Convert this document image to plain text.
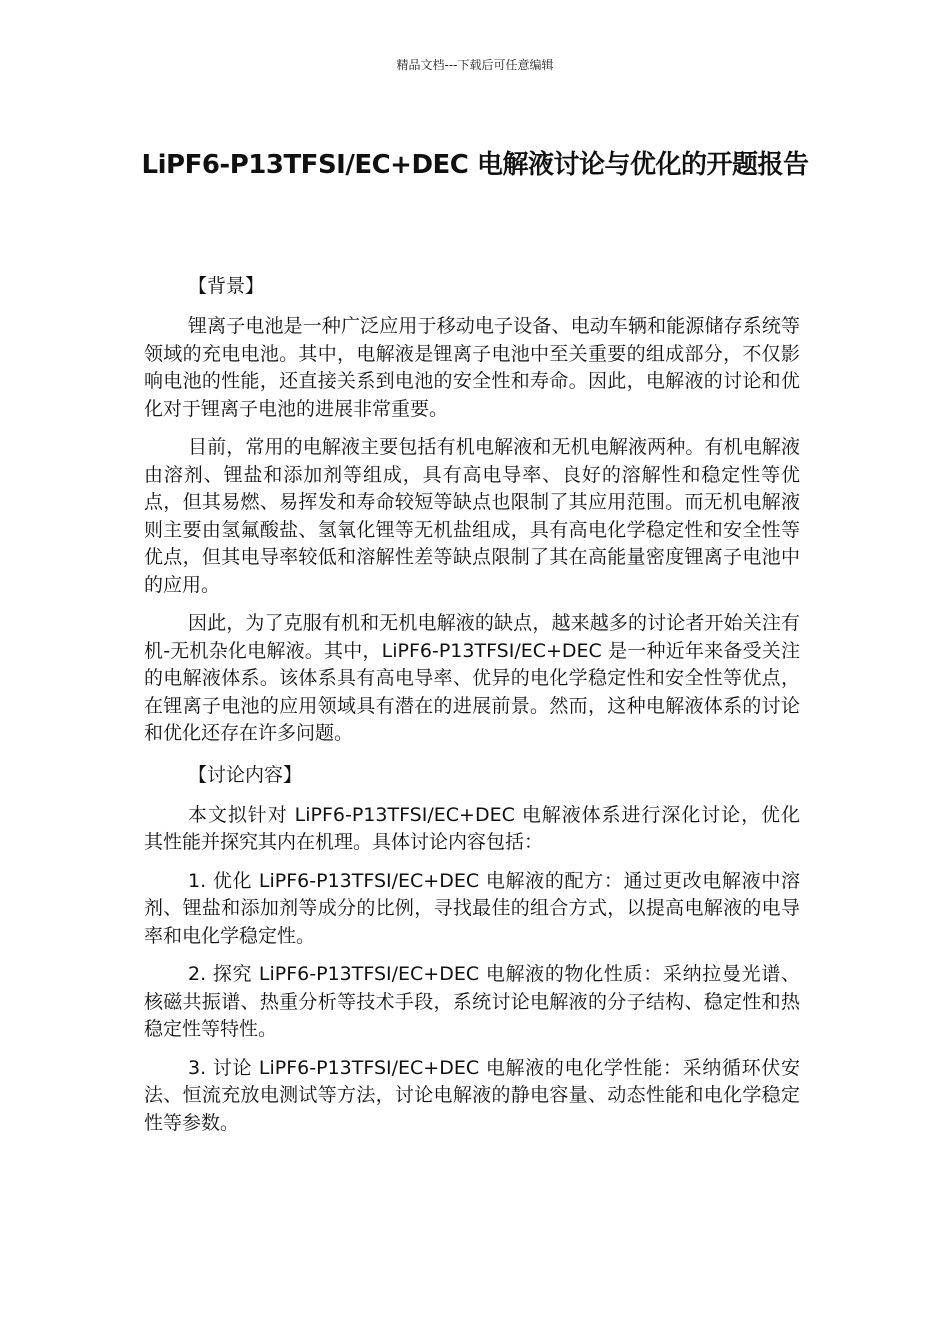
精品文档---下载后可任意编辑
LiPF6-P13TFSI/EC+DEC 电解液讨论与优化的开题报告

【背景】

锂离子电池是一种广泛应用于移动电子设备、电动车辆和能源储存系统等领域的充电电池。其中，电解液是锂离子电池中至关重要的组成部分，不仅影响电池的性能，还直接关系到电池的安全性和寿命。因此，电解液的讨论和优化对于锂离子电池的进展非常重要。

目前，常用的电解液主要包括有机电解液和无机电解液两种。有机电解液由溶剂、锂盐和添加剂等组成，具有高电导率、良好的溶解性和稳定性等优点，但其易燃、易挥发和寿命较短等缺点也限制了其应用范围。而无机电解液则主要由氢氟酸盐、氢氧化锂等无机盐组成，具有高电化学稳定性和安全性等优点，但其电导率较低和溶解性差等缺点限制了其在高能量密度锂离子电池中的应用。

因此，为了克服有机和无机电解液的缺点，越来越多的讨论者开始关注有机-无机杂化电解液。其中，LiPF6-P13TFSI/EC+DEC 是一种近年来备受关注的电解液体系。该体系具有高电导率、优异的电化学稳定性和安全性等优点，在锂离子电池的应用领域具有潜在的进展前景。然而，这种电解液体系的讨论和优化还存在许多问题。

【讨论内容】

本文拟针对 LiPF6-P13TFSI/EC+DEC 电解液体系进行深化讨论，优化其性能并探究其内在机理。具体讨论内容包括：

1. 优化 LiPF6-P13TFSI/EC+DEC 电解液的配方：通过更改电解液中溶剂、锂盐和添加剂等成分的比例，寻找最佳的组合方式，以提高电解液的电导率和电化学稳定性。

2. 探究 LiPF6-P13TFSI/EC+DEC 电解液的物化性质：采纳拉曼光谱、核磁共振谱、热重分析等技术手段，系统讨论电解液的分子结构、稳定性和热稳定性等特性。

3. 讨论 LiPF6-P13TFSI/EC+DEC 电解液的电化学性能：采纳循环伏安法、恒流充放电测试等方法，讨论电解液的静电容量、动态性能和电化学稳定性等参数。
